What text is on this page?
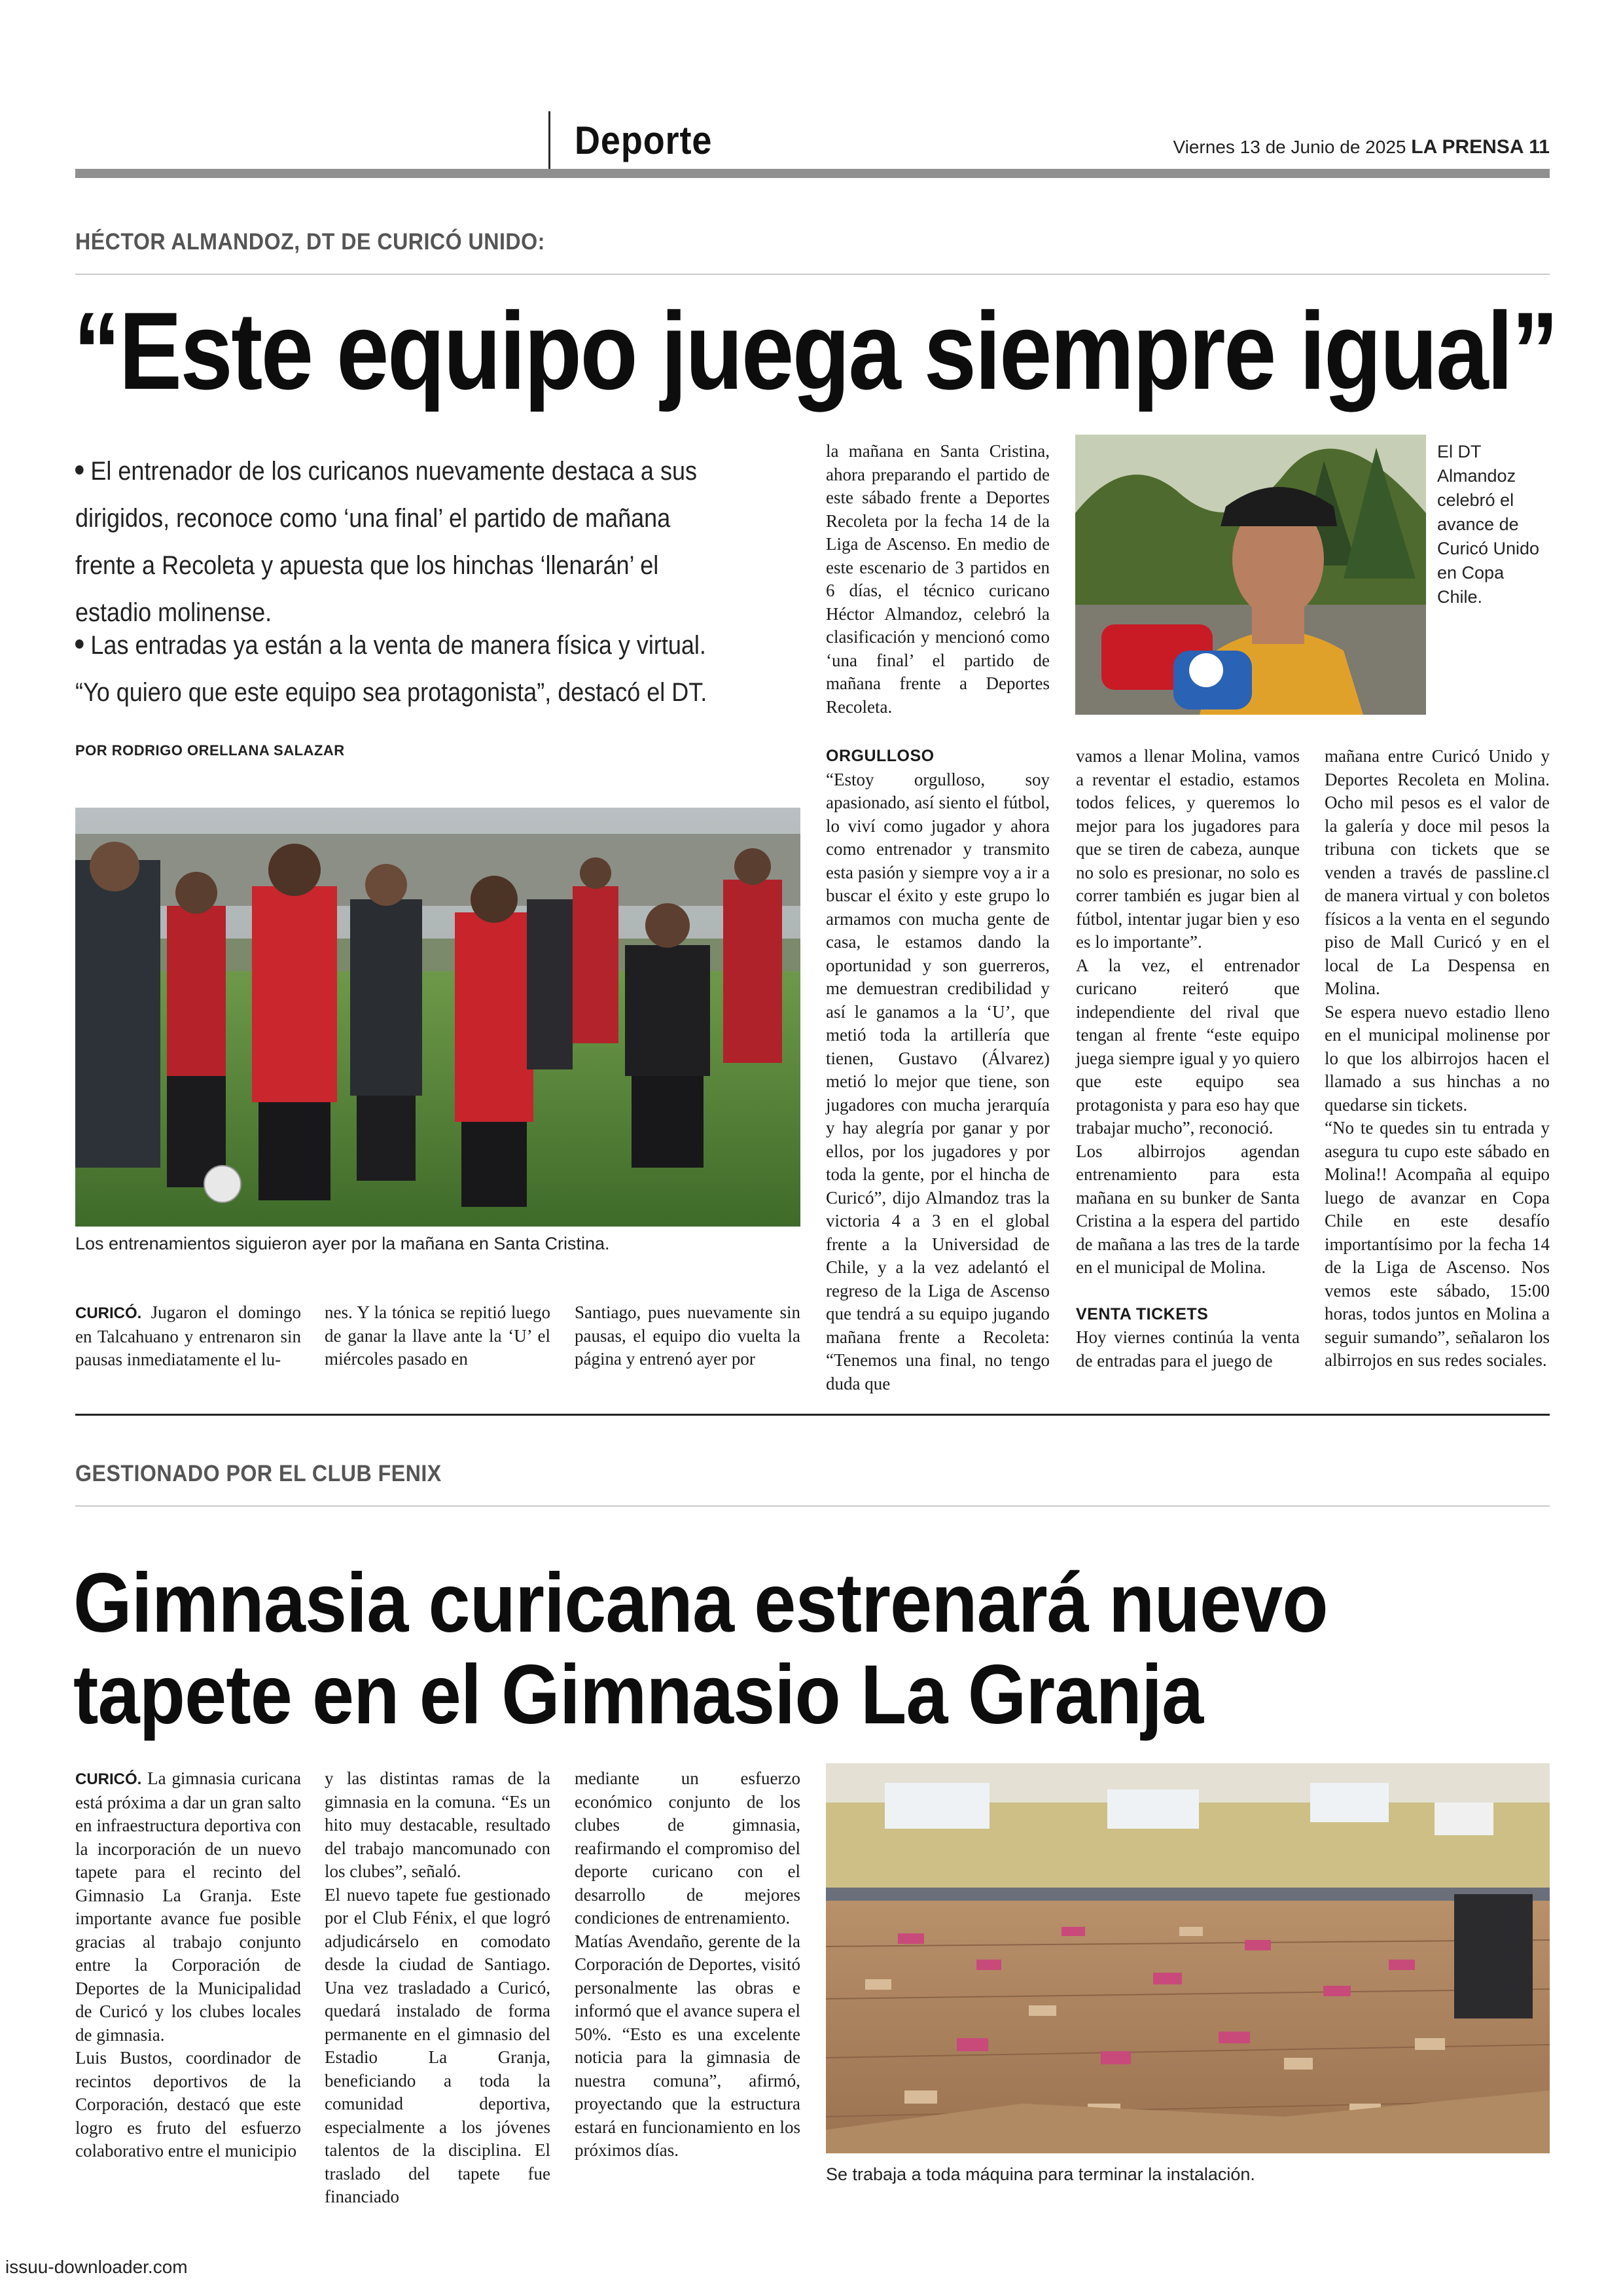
Deporte	Viernes 13 de Junio de 2025 LA PRENSA 11
HÉCTOR ALMANDOZ, DT DE CURICÓ UNIDO:
“Este equipo juega siempre igual”
El entrenador de los curicanos nuevamente destaca a sus dirigidos, reconoce como ‘una final’ el partido de mañana frente a Recoleta y apuesta que los hinchas ‘llenarán’ el estadio molinense.
Las entradas ya están a la venta de manera física y virtual. “Yo quiero que este equipo sea protagonista”, destacó el DT.
POR RODRIGO ORELLANA SALAZAR
Los entrenamientos siguieron ayer por la mañana en Santa Cristina.

CURICÓ. Jugaron el domingo en Talcahuano y entrenaron sin pausas inmediatamente el lu-

nes. Y la tónica se repitió luego de ganar la llave ante la ‘U’ el miércoles pasado en

Santiago, pues nuevamente sin pausas, el equipo dio vuelta la página y entrenó ayer por

la mañana en Santa Cristina, ahora preparando el partido de este sábado frente a Deportes Recoleta por la fecha 14 de la Liga de Ascenso. En medio de este escenario de 3 partidos en 6 días, el técnico curicano Héctor Almandoz, celebró la clasificación y mencionó como ‘una final’ el partido de mañana frente a Deportes Recoleta.

ORGULLOSO

“Estoy orgulloso, soy apasionado, así siento el fútbol, lo viví como jugador y ahora como entrenador y transmito esta pasión y siempre voy a ir a buscar el éxito y este grupo lo armamos con mucha gente de casa, le estamos dando la oportunidad y son guerreros, me demuestran credibilidad y así le ganamos a la ‘U’, que metió toda la artillería que tienen, Gustavo (Álvarez) metió lo mejor que tiene, son jugadores con mucha jerarquía y hay alegría por ganar y por ellos, por los jugadores y por toda la gente, por el hincha de Curicó”, dijo Almandoz tras la victoria 4 a 3 en el global frente a la Universidad de Chile, y a la vez adelantó el regreso de la Liga de Ascenso que tendrá a su equipo jugando mañana frente a Recoleta: “Tenemos una final, no tengo duda que

El DT Almandoz celebró el avance de Curicó Unido en Copa Chile.

vamos a llenar Molina, vamos a reventar el estadio, estamos todos felices, y queremos lo mejor para los jugadores para que se tiren de cabeza, aunque no solo es presionar, no solo es correr también es jugar bien al fútbol, intentar jugar bien y eso es lo importante”.

A la vez, el entrenador curicano reiteró que independiente del rival que tengan al frente “este equipo juega siempre igual y yo quiero que este equipo sea protagonista y para eso hay que trabajar mucho”, reconoció.

Los albirrojos agendan entrenamiento para esta mañana en su bunker de Santa Cristina a la espera del partido de mañana a las tres de la tarde en el municipal de Molina.

VENTA TICKETS

Hoy viernes continúa la venta de entradas para el juego de

mañana entre Curicó Unido y Deportes Recoleta en Molina. Ocho mil pesos es el valor de la galería y doce mil pesos la tribuna con tickets que se venden a través de passline.cl de manera virtual y con boletos físicos a la venta en el segundo piso de Mall Curicó y en el local de La Despensa en Molina.

Se espera nuevo estadio lleno en el municipal molinense por lo que los albirrojos hacen el llamado a sus hinchas a no quedarse sin tickets.

“No te quedes sin tu entrada y asegura tu cupo este sábado en Molina!! Acompaña al equipo luego de avanzar en Copa Chile en este desafío importantísimo por la fecha 14 de la Liga de Ascenso. Nos vemos este sábado, 15:00 horas, todos juntos en Molina a seguir sumando”, señalaron los albirrojos en sus redes sociales.

GESTIONADO POR EL CLUB FENIX
Gimnasia curicana estrenará nuevo
tapete en el Gimnasio La Granja

CURICÓ. La gimnasia curicana está próxima a dar un gran salto en infraestructura deportiva con la incorporación de un nuevo tapete para el recinto del Gimnasio La Granja. Este importante avance fue posible gracias al trabajo conjunto entre la Corporación de Deportes de la Municipalidad de Curicó y los clubes locales de gimnasia.

Luis Bustos, coordinador de recintos deportivos de la Corporación, destacó que este logro es fruto del esfuerzo colaborativo entre el municipio

y las distintas ramas de la gimnasia en la comuna. “Es un hito muy destacable, resultado del trabajo mancomunado con los clubes”, señaló.

El nuevo tapete fue gestionado por el Club Fénix, el que logró adjudicárselo en comodato desde la ciudad de Santiago. Una vez trasladado a Curicó, quedará instalado de forma permanente en el gimnasio del Estadio La Granja, beneficiando a toda la comunidad deportiva, especialmente a los jóvenes talentos de la disciplina. El traslado del tapete fue financiado

mediante un esfuerzo económico conjunto de los clubes de gimnasia, reafirmando el compromiso del deporte curicano con el desarrollo de mejores condiciones de entrenamiento.

Matías Avendaño, gerente de la Corporación de Deportes, visitó personalmente las obras e informó que el avance supera el 50%. “Esto es una excelente noticia para la gimnasia de nuestra comuna”, afirmó, proyectando que la estructura estará en funcionamiento en los próximos días.

Se trabaja a toda máquina para terminar la instalación.
issuu-downloader.com
